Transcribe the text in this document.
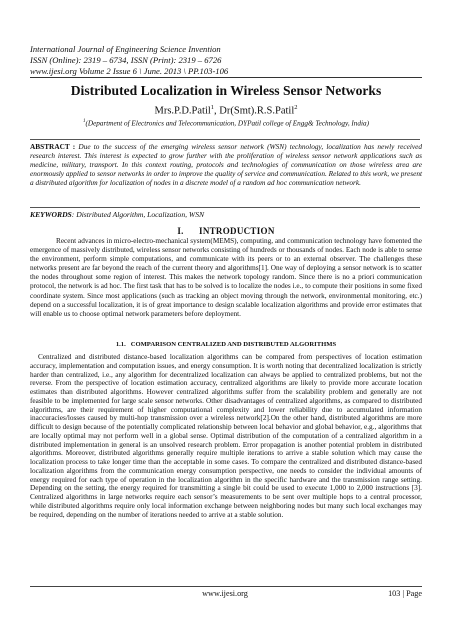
International Journal of Engineering Science Invention
ISSN (Online): 2319 – 6734, ISSN (Print): 2319 – 6726
www.ijesi.org Volume 2 Issue 6 \ June. 2013 \ PP.103-106
Distributed Localization in Wireless Sensor Networks
Mrs.P.D.Patil$^1$, Dr(Smt).R.S.Patil$^2$
$^1$(Department of Electronics and Telecommunication, DYPatil college of Engg& Technology, India)
ABSTRACT : Due to the success of the emerging wireless sensor network (WSN) technology, localization has newly received research interest. This interest is expected to grow further with the proliferation of wireless sensor network applications such as medicine, military, transport. In this context routing, protocols and technologies of communication on those wireless area are enormously applied to sensor networks in order to improve the quality of service and communication. Related to this work, we present a distributed algorithm for localization of nodes in a discrete model of a random ad hoc communication network.
KEYWORDS: Distributed Algorithm, Localization, WSN
I.      INTRODUCTION
Recent advances in micro-electro-mechanical system(MEMS), computing, and communication technology have fomented the emergence of massively distributed, wireless sensor networks consisting of hundreds or thousands of nodes. Each node is able to sense the environment, perform simple computations, and communicate with its peers or to an external observer. The challenges these networks present are far beyond the reach of the current theory and algorithms[1]. One way of deploying a sensor network is to scatter the nodes throughout some region of interest. This makes the network topology random. Since there is no a priori communication protocol, the network is ad hoc. The first task that has to be solved is to localize the nodes i.e., to compute their positions in some fixed coordinate system. Since most applications (such as tracking an object moving through the network, environmental monitoring, etc.) depend on a successful localization, it is of great importance to design scalable localization algorithms and provide error estimates that will enable us to choose optimal network parameters before deployment.
1.1.   COMPARISON CENTRALIZED AND DISTRIBUTED ALGORITHMS
Centralized and distributed distance-based localization algorithms can be compared from perspectives of location estimation accuracy, implementation and computation issues, and energy consumption. It is worth noting that decentralized localization is strictly harder than centralized, i.e., any algorithm for decentralized localization can always be applied to centralized problems, but not the reverse. From the perspective of location estimation accuracy, centralized algorithms are likely to provide more accurate location estimates than distributed algorithms. However centralized algorithms suffer from the scalability problem and generally are not feasible to be implemented for large scale sensor networks. Other disadvantages of centralized algorithms, as compared to distributed algorithms, are their requirement of higher computational complexity and lower reliability due to accumulated information inaccuracies/losses caused by multi-hop transmission over a wireless network[2].On the other hand, distributed algorithms are more difficult to design because of the potentially complicated relationship between local behavior and global behavior, e.g., algorithms that are locally optimal may not perform well in a global sense. Optimal distribution of the computation of a centralized algorithm in a distributed implementation in general is an unsolved research problem. Error propagation is another potential problem in distributed algorithms. Moreover, distributed algorithms generally require multiple iterations to arrive a stable solution which may cause the localization process to take longer time than the acceptable in some cases. To compare the centralized and distributed distance-based localization algorithms from the communication energy consumption perspective, one needs to consider the individual amounts of energy required for each type of operation in the localization algorithm in the specific hardware and the transmission range setting. Depending on the setting, the energy required for transmitting a single bit could be used to execute 1,000 to 2,000 instructions [3]. Centralized algorithms in large networks require each sensor’s measurements to be sent over multiple hops to a central processor, while distributed algorithms require only local information exchange between neighboring nodes but many such local exchanges may be required, depending on the number of iterations needed to arrive at a stable solution.
www.ijesi.org	103 | Page
